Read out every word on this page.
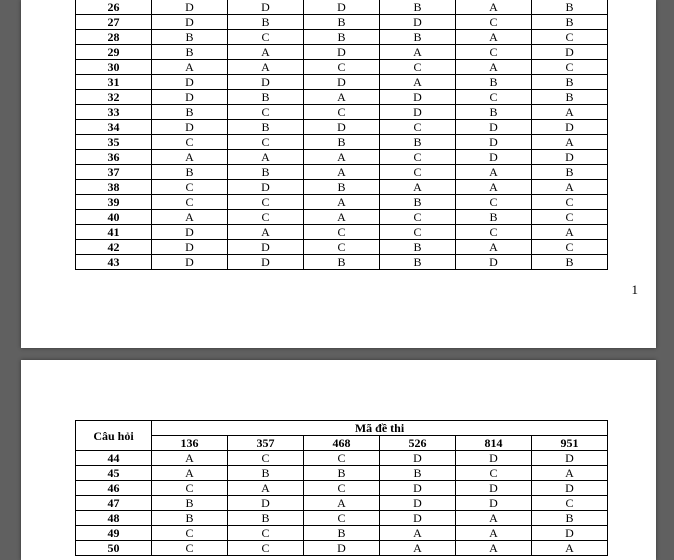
26	D	D	D	B	A	B
27	D	B	B	D	C	B
28	B	C	B	B	A	C
29	B	A	D	A	C	D
30	A	A	C	C	A	C
31	D	D	D	A	B	B
32	D	B	A	D	C	B
33	B	C	C	D	B	A
34	D	B	D	C	D	D
35	C	C	B	B	D	A
36	A	A	A	C	D	D
37	B	B	A	C	A	B
38	C	D	B	A	A	A
39	C	C	A	B	C	C
40	A	C	A	C	B	C
41	D	A	C	C	C	A
42	D	D	C	B	A	C
43	D	D	B	B	D	B
1
Câu hỏi	Mã đề thi					
	136	357	468	526	814	951
44	A	C	C	D	D	D
45	A	B	B	B	C	A
46	C	A	C	D	D	D
47	B	D	A	D	D	C
48	B	B	C	D	A	B
49	C	C	B	A	A	D
50	C	C	D	A	A	A
